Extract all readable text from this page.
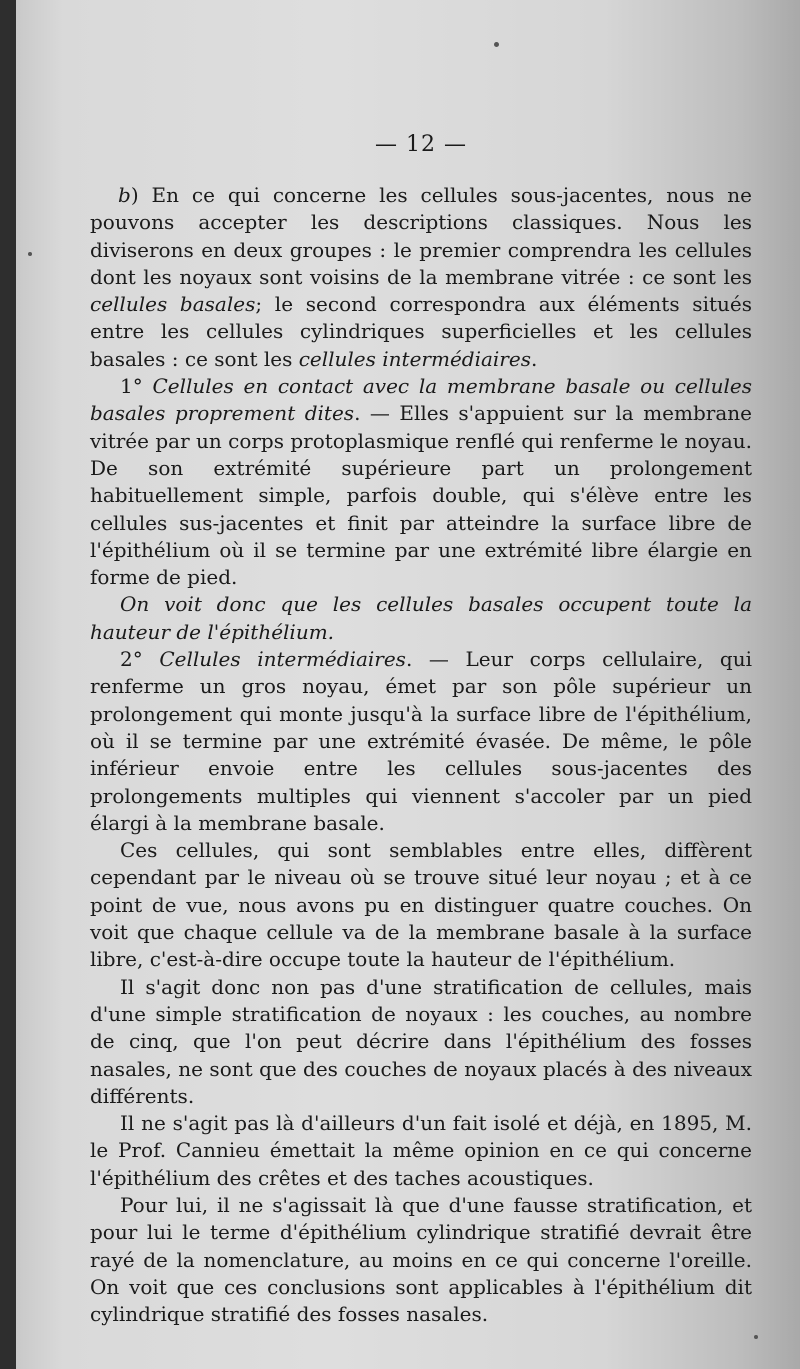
— 12 —

b) En ce qui concerne les cellules sous-jacentes, nous ne pouvons accepter les descriptions classiques. Nous les diviserons en deux groupes : le premier comprendra les cellules dont les noyaux sont voisins de la membrane vitrée : ce sont les cellules basales; le second correspondra aux éléments situés entre les cellules cylindriques superficielles et les cellules basales : ce sont les cellules intermédiaires.

1° Cellules en contact avec la membrane basale ou cellules basales proprement dites. — Elles s'appuient sur la membrane vitrée par un corps protoplasmique renflé qui renferme le noyau. De son extrémité supérieure part un prolongement habituellement simple, parfois double, qui s'élève entre les cellules sus-jacentes et finit par atteindre la surface libre de l'épithélium où il se termine par une extrémité libre élargie en forme de pied.

On voit donc que les cellules basales occupent toute la hauteur de l'épithélium.

2° Cellules intermédiaires. — Leur corps cellulaire, qui renferme un gros noyau, émet par son pôle supérieur un prolongement qui monte jusqu'à la surface libre de l'épithélium, où il se termine par une extrémité évasée. De même, le pôle inférieur envoie entre les cellules sous-jacentes des prolongements multiples qui viennent s'accoler par un pied élargi à la membrane basale.

Ces cellules, qui sont semblables entre elles, diffèrent cependant par le niveau où se trouve situé leur noyau ; et à ce point de vue, nous avons pu en distinguer quatre couches. On voit que chaque cellule va de la membrane basale à la surface libre, c'est-à-dire occupe toute la hauteur de l'épithélium.

Il s'agit donc non pas d'une stratification de cellules, mais d'une simple stratification de noyaux : les couches, au nombre de cinq, que l'on peut décrire dans l'épithélium des fosses nasales, ne sont que des couches de noyaux placés à des niveaux différents.

Il ne s'agit pas là d'ailleurs d'un fait isolé et déjà, en 1895, M. le Prof. Cannieu émettait la même opinion en ce qui concerne l'épithélium des crêtes et des taches acoustiques.

Pour lui, il ne s'agissait là que d'une fausse stratification, et pour lui le terme d'épithélium cylindrique stratifié devrait être rayé de la nomenclature, au moins en ce qui concerne l'oreille. On voit que ces conclusions sont applicables à l'épithélium dit cylindrique stratifié des fosses nasales.
